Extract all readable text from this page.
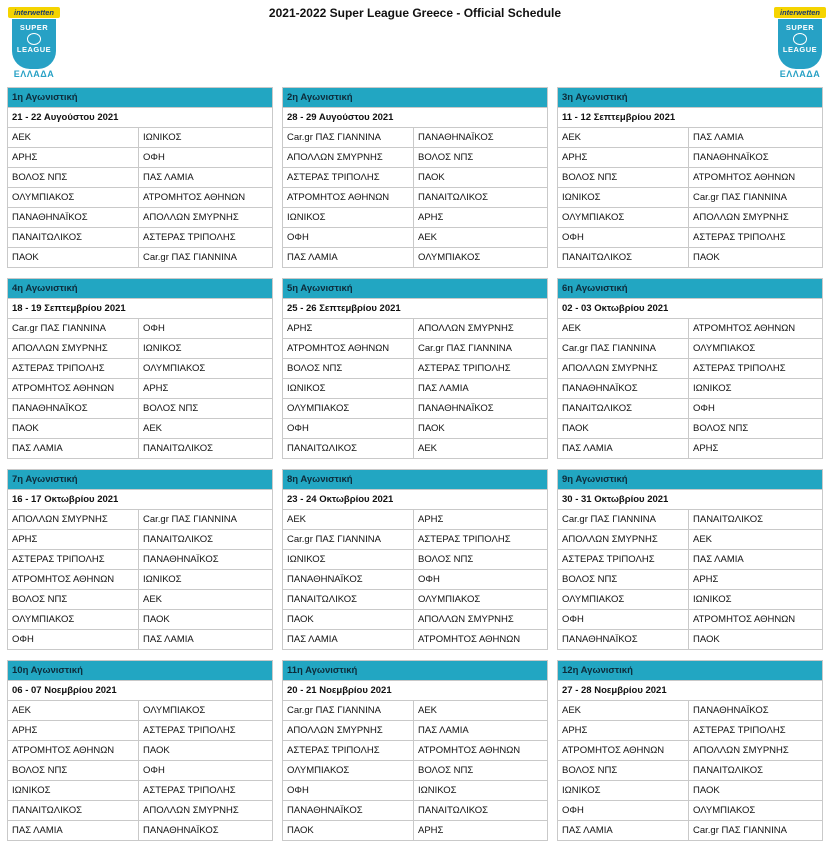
interwetten
SUPER
LEAGUE
ΕΛΛΑΔΑ
2021-2022 Super League Greece - Official Schedule	interwetten
SUPER
LEAGUE
ΕΛΛΑΔΑ
1η Αγωνιστική
21 - 22 Αυγούστου 2021
ΑΕΚ	ΙΩΝΙΚΟΣ
ΑΡΗΣ	ΟΦΗ
ΒΟΛΟΣ ΝΠΣ	ΠΑΣ ΛΑΜΙΑ
ΟΛΥΜΠΙΑΚΟΣ	ΑΤΡΟΜΗΤΟΣ ΑΘΗΝΩΝ
ΠΑΝΑΘΗΝΑΪΚΟΣ	ΑΠΟΛΛΩΝ ΣΜΥΡΝΗΣ
ΠΑΝΑΙΤΩΛΙΚΟΣ	ΑΣΤΕΡΑΣ ΤΡΙΠΟΛΗΣ
ΠΑΟΚ	Car.gr ΠΑΣ ΓΙΑΝΝΙΝΑ
2η Αγωνιστική
28 - 29 Αυγούστου 2021
Car.gr ΠΑΣ ΓΙΑΝΝΙΝΑ	ΠΑΝΑΘΗΝΑΪΚΟΣ
ΑΠΟΛΛΩΝ ΣΜΥΡΝΗΣ	ΒΟΛΟΣ ΝΠΣ
ΑΣΤΕΡΑΣ ΤΡΙΠΟΛΗΣ	ΠΑΟΚ
ΑΤΡΟΜΗΤΟΣ ΑΘΗΝΩΝ	ΠΑΝΑΙΤΩΛΙΚΟΣ
ΙΩΝΙΚΟΣ	ΑΡΗΣ
ΟΦΗ	ΑΕΚ
ΠΑΣ ΛΑΜΙΑ	ΟΛΥΜΠΙΑΚΟΣ
3η Αγωνιστική
11 - 12 Σεπτεμβρίου 2021
ΑΕΚ	ΠΑΣ ΛΑΜΙΑ
ΑΡΗΣ	ΠΑΝΑΘΗΝΑΪΚΟΣ
ΒΟΛΟΣ ΝΠΣ	ΑΤΡΟΜΗΤΟΣ ΑΘΗΝΩΝ
ΙΩΝΙΚΟΣ	Car.gr ΠΑΣ ΓΙΑΝΝΙΝΑ
ΟΛΥΜΠΙΑΚΟΣ	ΑΠΟΛΛΩΝ ΣΜΥΡΝΗΣ
ΟΦΗ	ΑΣΤΕΡΑΣ ΤΡΙΠΟΛΗΣ
ΠΑΝΑΙΤΩΛΙΚΟΣ	ΠΑΟΚ
4η Αγωνιστική
18 - 19 Σεπτεμβρίου 2021
Car.gr ΠΑΣ ΓΙΑΝΝΙΝΑ	ΟΦΗ
ΑΠΟΛΛΩΝ ΣΜΥΡΝΗΣ	ΙΩΝΙΚΟΣ
ΑΣΤΕΡΑΣ ΤΡΙΠΟΛΗΣ	ΟΛΥΜΠΙΑΚΟΣ
ΑΤΡΟΜΗΤΟΣ ΑΘΗΝΩΝ	ΑΡΗΣ
ΠΑΝΑΘΗΝΑΪΚΟΣ	ΒΟΛΟΣ ΝΠΣ
ΠΑΟΚ	ΑΕΚ
ΠΑΣ ΛΑΜΙΑ	ΠΑΝΑΙΤΩΛΙΚΟΣ
5η Αγωνιστική
25 - 26 Σεπτεμβρίου 2021
ΑΡΗΣ	ΑΠΟΛΛΩΝ ΣΜΥΡΝΗΣ
ΑΤΡΟΜΗΤΟΣ ΑΘΗΝΩΝ	Car.gr ΠΑΣ ΓΙΑΝΝΙΝΑ
ΒΟΛΟΣ ΝΠΣ	ΑΣΤΕΡΑΣ ΤΡΙΠΟΛΗΣ
ΙΩΝΙΚΟΣ	ΠΑΣ ΛΑΜΙΑ
ΟΛΥΜΠΙΑΚΟΣ	ΠΑΝΑΘΗΝΑΪΚΟΣ
ΟΦΗ	ΠΑΟΚ
ΠΑΝΑΙΤΩΛΙΚΟΣ	ΑΕΚ
6η Αγωνιστική
02 - 03 Οκτωβρίου 2021
ΑΕΚ	ΑΤΡΟΜΗΤΟΣ ΑΘΗΝΩΝ
Car.gr ΠΑΣ ΓΙΑΝΝΙΝΑ	ΟΛΥΜΠΙΑΚΟΣ
ΑΠΟΛΛΩΝ ΣΜΥΡΝΗΣ	ΑΣΤΕΡΑΣ ΤΡΙΠΟΛΗΣ
ΠΑΝΑΘΗΝΑΪΚΟΣ	ΙΩΝΙΚΟΣ
ΠΑΝΑΙΤΩΛΙΚΟΣ	ΟΦΗ
ΠΑΟΚ	ΒΟΛΟΣ ΝΠΣ
ΠΑΣ ΛΑΜΙΑ	ΑΡΗΣ
7η Αγωνιστική
16 - 17 Οκτωβρίου 2021
ΑΠΟΛΛΩΝ ΣΜΥΡΝΗΣ	Car.gr ΠΑΣ ΓΙΑΝΝΙΝΑ
ΑΡΗΣ	ΠΑΝΑΙΤΩΛΙΚΟΣ
ΑΣΤΕΡΑΣ ΤΡΙΠΟΛΗΣ	ΠΑΝΑΘΗΝΑΪΚΟΣ
ΑΤΡΟΜΗΤΟΣ ΑΘΗΝΩΝ	ΙΩΝΙΚΟΣ
ΒΟΛΟΣ ΝΠΣ	ΑΕΚ
ΟΛΥΜΠΙΑΚΟΣ	ΠΑΟΚ
ΟΦΗ	ΠΑΣ ΛΑΜΙΑ
8η Αγωνιστική
23 - 24 Οκτωβρίου 2021
ΑΕΚ	ΑΡΗΣ
Car.gr ΠΑΣ ΓΙΑΝΝΙΝΑ	ΑΣΤΕΡΑΣ ΤΡΙΠΟΛΗΣ
ΙΩΝΙΚΟΣ	ΒΟΛΟΣ ΝΠΣ
ΠΑΝΑΘΗΝΑΪΚΟΣ	ΟΦΗ
ΠΑΝΑΙΤΩΛΙΚΟΣ	ΟΛΥΜΠΙΑΚΟΣ
ΠΑΟΚ	ΑΠΟΛΛΩΝ ΣΜΥΡΝΗΣ
ΠΑΣ ΛΑΜΙΑ	ΑΤΡΟΜΗΤΟΣ ΑΘΗΝΩΝ
9η Αγωνιστική
30 - 31 Οκτωβρίου 2021
Car.gr ΠΑΣ ΓΙΑΝΝΙΝΑ	ΠΑΝΑΙΤΩΛΙΚΟΣ
ΑΠΟΛΛΩΝ ΣΜΥΡΝΗΣ	ΑΕΚ
ΑΣΤΕΡΑΣ ΤΡΙΠΟΛΗΣ	ΠΑΣ ΛΑΜΙΑ
ΒΟΛΟΣ ΝΠΣ	ΑΡΗΣ
ΟΛΥΜΠΙΑΚΟΣ	ΙΩΝΙΚΟΣ
ΟΦΗ	ΑΤΡΟΜΗΤΟΣ ΑΘΗΝΩΝ
ΠΑΝΑΘΗΝΑΪΚΟΣ	ΠΑΟΚ
10η Αγωνιστική
06 - 07 Νοεμβρίου 2021
ΑΕΚ	ΟΛΥΜΠΙΑΚΟΣ
ΑΡΗΣ	ΑΣΤΕΡΑΣ ΤΡΙΠΟΛΗΣ
ΑΤΡΟΜΗΤΟΣ ΑΘΗΝΩΝ	ΠΑΟΚ
ΒΟΛΟΣ ΝΠΣ	ΟΦΗ
ΙΩΝΙΚΟΣ	ΑΣΤΕΡΑΣ ΤΡΙΠΟΛΗΣ
ΠΑΝΑΙΤΩΛΙΚΟΣ	ΑΠΟΛΛΩΝ ΣΜΥΡΝΗΣ
ΠΑΣ ΛΑΜΙΑ	ΠΑΝΑΘΗΝΑΪΚΟΣ
11η Αγωνιστική
20 - 21 Νοεμβρίου 2021
Car.gr ΠΑΣ ΓΙΑΝΝΙΝΑ	ΑΕΚ
ΑΠΟΛΛΩΝ ΣΜΥΡΝΗΣ	ΠΑΣ ΛΑΜΙΑ
ΑΣΤΕΡΑΣ ΤΡΙΠΟΛΗΣ	ΑΤΡΟΜΗΤΟΣ ΑΘΗΝΩΝ
ΟΛΥΜΠΙΑΚΟΣ	ΒΟΛΟΣ ΝΠΣ
ΟΦΗ	ΙΩΝΙΚΟΣ
ΠΑΝΑΘΗΝΑΪΚΟΣ	ΠΑΝΑΙΤΩΛΙΚΟΣ
ΠΑΟΚ	ΑΡΗΣ
12η Αγωνιστική
27 - 28 Νοεμβρίου 2021
ΑΕΚ	ΠΑΝΑΘΗΝΑΪΚΟΣ
ΑΡΗΣ	ΑΣΤΕΡΑΣ ΤΡΙΠΟΛΗΣ
ΑΤΡΟΜΗΤΟΣ ΑΘΗΝΩΝ	ΑΠΟΛΛΩΝ ΣΜΥΡΝΗΣ
ΒΟΛΟΣ ΝΠΣ	ΠΑΝΑΙΤΩΛΙΚΟΣ
ΙΩΝΙΚΟΣ	ΠΑΟΚ
ΟΦΗ	ΟΛΥΜΠΙΑΚΟΣ
ΠΑΣ ΛΑΜΙΑ	Car.gr ΠΑΣ ΓΙΑΝΝΙΝΑ
